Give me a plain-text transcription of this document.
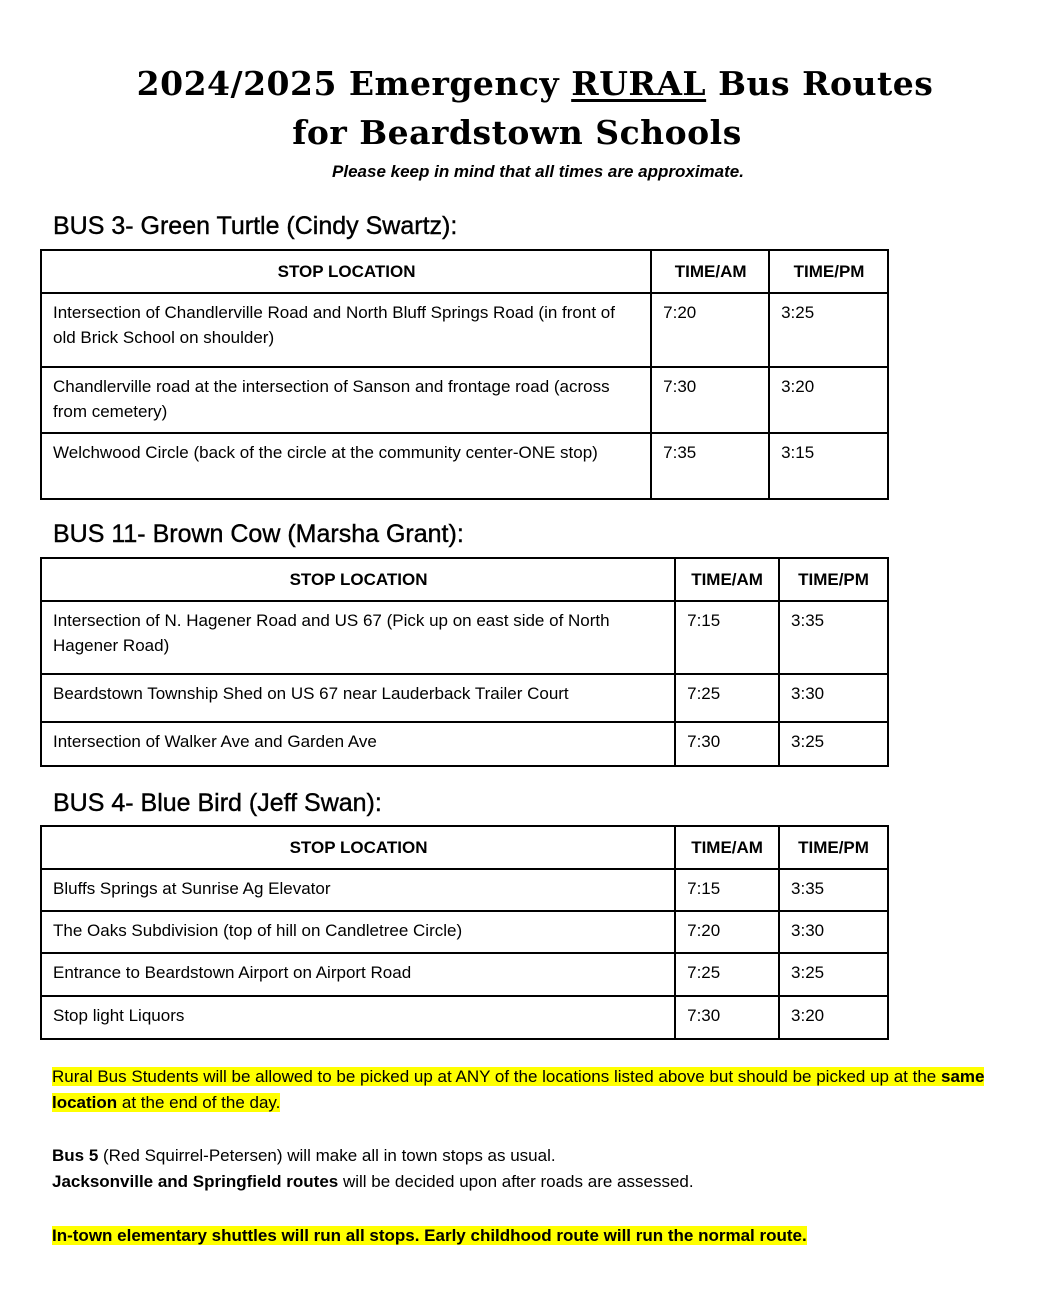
2024/2025 Emergency RURAL Bus Routes
for Beardstown Schools

Please keep in mind that all times are approximate.

BUS 3- Green Turtle (Cindy Swartz):
STOP LOCATION	TIME/AM	TIME/PM
Intersection of Chandlerville Road and North Bluff Springs Road (in front of old Brick School on shoulder)	7:20	3:25
Chandlerville road at the intersection of Sanson and frontage road (across from cemetery)	7:30	3:20
Welchwood Circle (back of the circle at the community center-ONE stop)	7:35	3:15
BUS 11- Brown Cow (Marsha Grant):
STOP LOCATION	TIME/AM	TIME/PM
Intersection of N. Hagener Road and US 67 (Pick up on east side of North Hagener Road)	7:15	3:35
Beardstown Township Shed on US 67 near Lauderback Trailer Court	7:25	3:30
Intersection of Walker Ave and Garden Ave	7:30	3:25
BUS 4- Blue Bird (Jeff Swan):
STOP LOCATION	TIME/AM	TIME/PM
Bluffs Springs at Sunrise Ag Elevator	7:15	3:35
The Oaks Subdivision (top of hill on Candletree Circle)	7:20	3:30
Entrance to Beardstown Airport on Airport Road	7:25	3:25
Stop light Liquors	7:30	3:20

Rural Bus Students will be allowed to be picked up at ANY of the locations listed above but should be picked up at the same location at the end of the day.

Bus 5 (Red Squirrel-Petersen) will make all in town stops as usual.

Jacksonville and Springfield routes will be decided upon after roads are assessed.

In-town elementary shuttles will run all stops. Early childhood route will run the normal route.
